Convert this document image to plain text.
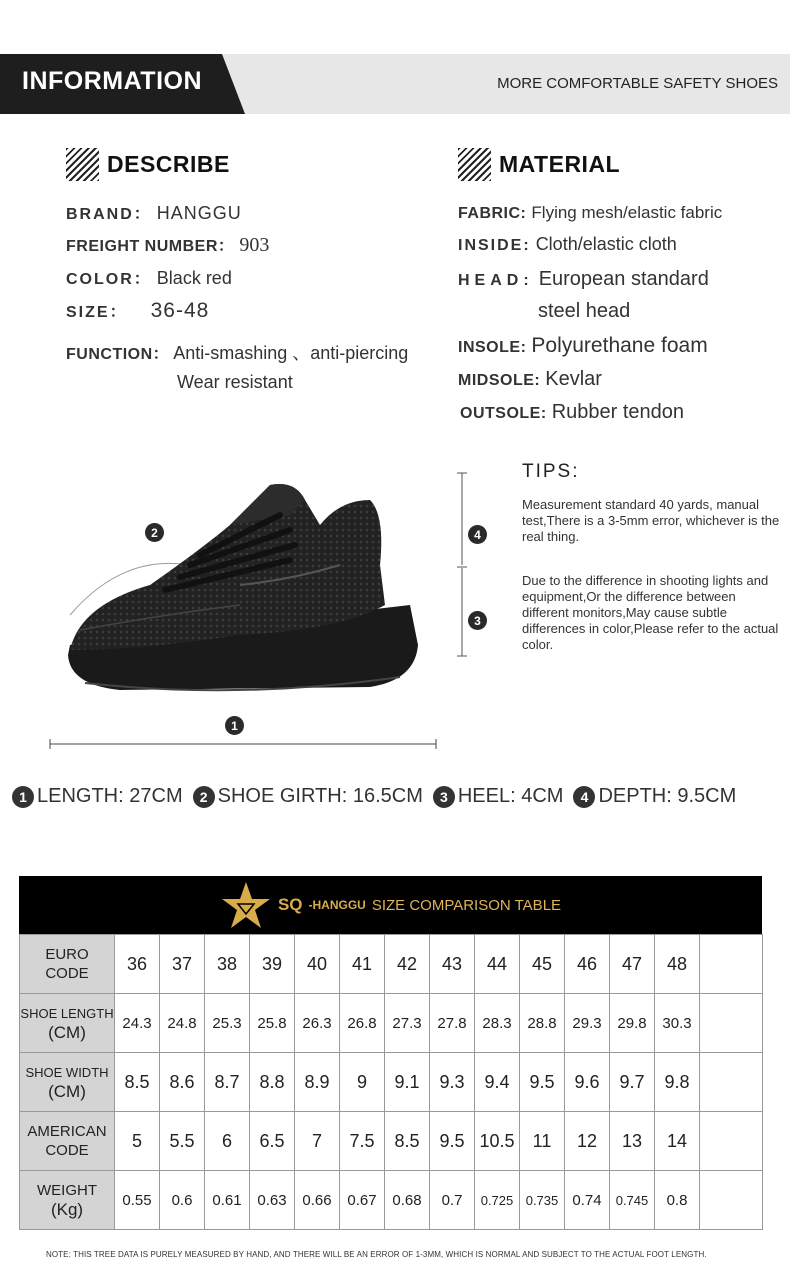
INFORMATION	MORE COMFORTABLE SAFETY SHOES
DESCRIBE
BRAND： HANGGU
FREIGHT NUMBER： 903
COLOR： Black red
SIZE： 36-48
FUNCTION： Anti-smashing 、anti-piercing
Wear resistant
MATERIAL
FABRIC: Flying mesh/elastic fabric
INSIDE: Cloth/elastic cloth
HEAD: European standard
steel head
INSOLE: Polyurethane foam
MIDSOLE: Kevlar
OUTSOLE: Rubber tendon
2
1
4
3
TIPS:
Measurement standard 40 yards, manual test,There is a 3-5mm error, whichever is the real thing.
Due to the difference in shooting lights and equipment,Or the difference between different monitors,May cause subtle differences in color,Please refer to the actual color.
1 LENGTH:
27CM	2 SHOE GIRTH:
16.5CM	3 HEEL:
4CM	4 DEPTH:
9.5CM
SQ -HANGGU SIZE COMPARISON TABLE
EURO
CODE	36	37	38	39	40	41	42	43	44	45	46	47	48	

SHOE LENGTH
(CM)	24.3	24.8	25.3	25.8	26.3	26.8	27.3	27.8	28.3	28.8	29.3	29.8	30.3	

SHOE WIDTH
(CM)	8.5	8.6	8.7	8.8	8.9	9	9.1	9.3	9.4	9.5	9.6	9.7	9.8	

AMERICAN
CODE	5	5.5	6	6.5	7	7.5	8.5	9.5	10.5	11	12	13	14	

WEIGHT
(Kg)	0.55	0.6	0.61	0.63	0.66	0.67	0.68	0.7	0.725	0.735	0.74	0.745	0.8	
NOTE: THIS TREE DATA IS PURELY MEASURED BY HAND, AND THERE WILL BE AN ERROR OF 1-3MM, WHICH IS NORMAL AND SUBJECT TO THE ACTUAL FOOT LENGTH.
